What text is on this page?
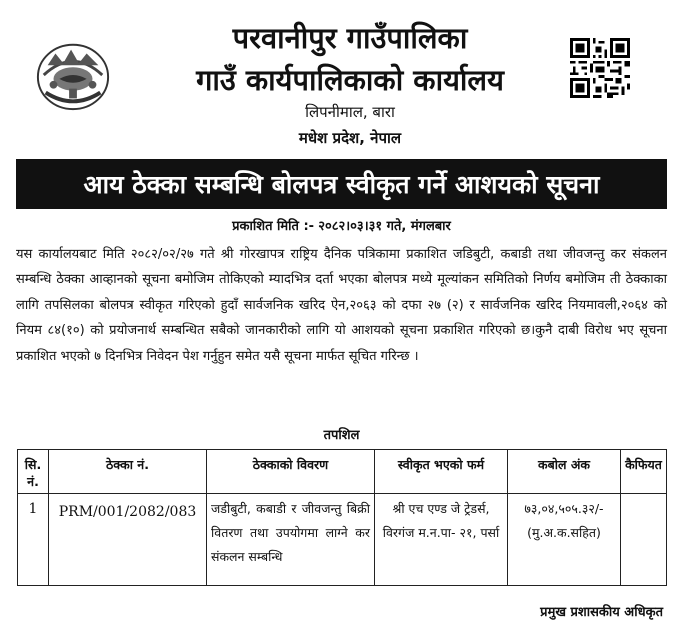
परवानीपुर गाउँपालिका
गाउँ कार्यपालिकाको कार्यालय
लिपनीमाल, बारा
मधेश प्रदेश, नेपाल
आय ठेक्का सम्बन्धि बोलपत्र स्वीकृत गर्ने आशयको सूचना
प्रकाशित मिति :- २०८२।०३।३१ गते, मंगलबार
यस कार्यालयबाट मिति २०८२/०२/२७ गते श्री गोरखापत्र राष्ट्रिय दैनिक पत्रिकामा प्रकाशित जडिबुटी, कबाडी तथा जीवजन्तु कर संकलन सम्बन्धि ठेक्का आव्हानको सूचना बमोजिम तोकिएको म्यादभित्र दर्ता भएका बोलपत्र मध्ये मूल्यांकन समितिको निर्णय बमोजिम ती ठेक्काका लागि तपसिलका बोलपत्र स्वीकृत गरिएको हुदाँ सार्वजनिक खरिद ऐन,२०६३ को दफा २७ (२) र सार्वजनिक खरिद नियमावली,२०६४ को नियम ८४(१०) को प्रयोजनार्थ सम्बन्धित सबैको जानकारीको लागि यो आशयको सूचना प्रकाशित गरिएको छ।कुनै दाबी विरोध भए सूचना प्रकाशित भएको ७ दिनभित्र निवेदन पेश गर्नुहुन समेत यसै सूचना मार्फत सूचित गरिन्छ ।
तपशिल
सि. नं.	ठेक्का नं.	ठेक्काको विवरण	स्वीकृत भएको फर्म	कबोल अंक	कैफियत
1	PRM/001/2082/083	जडीबुटी, कबाडी र जीवजन्तु बिक्री वितरण तथा उपयोगमा लाग्ने कर संकलन सम्बन्धि	श्री एच एण्ड जे ट्रेडर्स, विरगंज म.न.पा- २१, पर्सा	७३,०४,५०५.३२/- (मु.अ.क.सहित)	
प्रमुख प्रशासकीय अधिकृत
